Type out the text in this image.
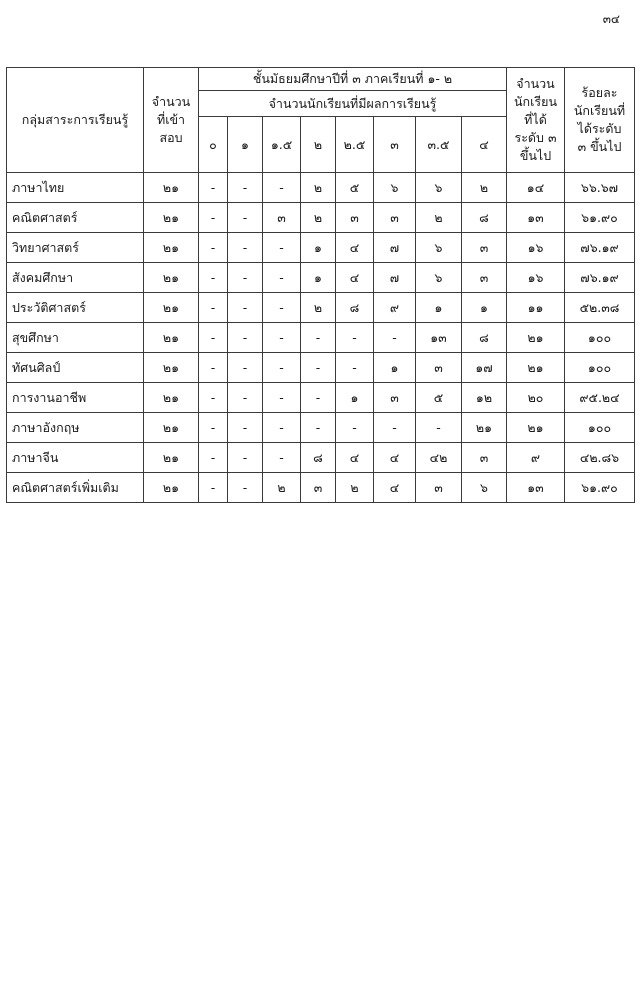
๓๔
กลุ่มสาระการเรียนรู้	จำนวน
ที่เข้า
สอบ	ชั้นมัธยมศึกษาปีที่ ๓ ภาคเรียนที่ ๑- ๒								จำนวน
นักเรียน
ที่ได้
ระดับ ๓
ขึ้นไป	ร้อยละ
นักเรียนที่
ได้ระดับ
๓ ขึ้นไป

		จำนวนนักเรียนที่มีผลการเรียนรู้									
		๐	๑	๑.๕	๒	๒.๕	๓	๓.๕	๔		
ภาษาไทย	๒๑	-	-	-	๒	๕	๖	๖	๒	๑๔	๖๖.๖๗
คณิตศาสตร์	๒๑	-	-	๓	๒	๓	๓	๒	๘	๑๓	๖๑.๙๐
วิทยาศาสตร์	๒๑	-	-	-	๑	๔	๗	๖	๓	๑๖	๗๖.๑๙
สังคมศึกษา	๒๑	-	-	-	๑	๔	๗	๖	๓	๑๖	๗๖.๑๙
ประวัติศาสตร์	๒๑	-	-	-	๒	๘	๙	๑	๑	๑๑	๕๒.๓๘
สุขศึกษา	๒๑	-	-	-	-	-	-	๑๓	๘	๒๑	๑๐๐
ทัศนศิลป์	๒๑	-	-	-	-	-	๑	๓	๑๗	๒๑	๑๐๐
การงานอาชีพ	๒๑	-	-	-	-	๑	๓	๕	๑๒	๒๐	๙๕.๒๔
ภาษาอังกฤษ	๒๑	-	-	-	-	-	-	-	๒๑	๒๑	๑๐๐
ภาษาจีน	๒๑	-	-	-	๘	๔	๔	๔๒	๓	๙	๔๒.๘๖
คณิตศาสตร์เพิ่มเติม	๒๑	-	-	๒	๓	๒	๔	๓	๖	๑๓	๖๑.๙๐
